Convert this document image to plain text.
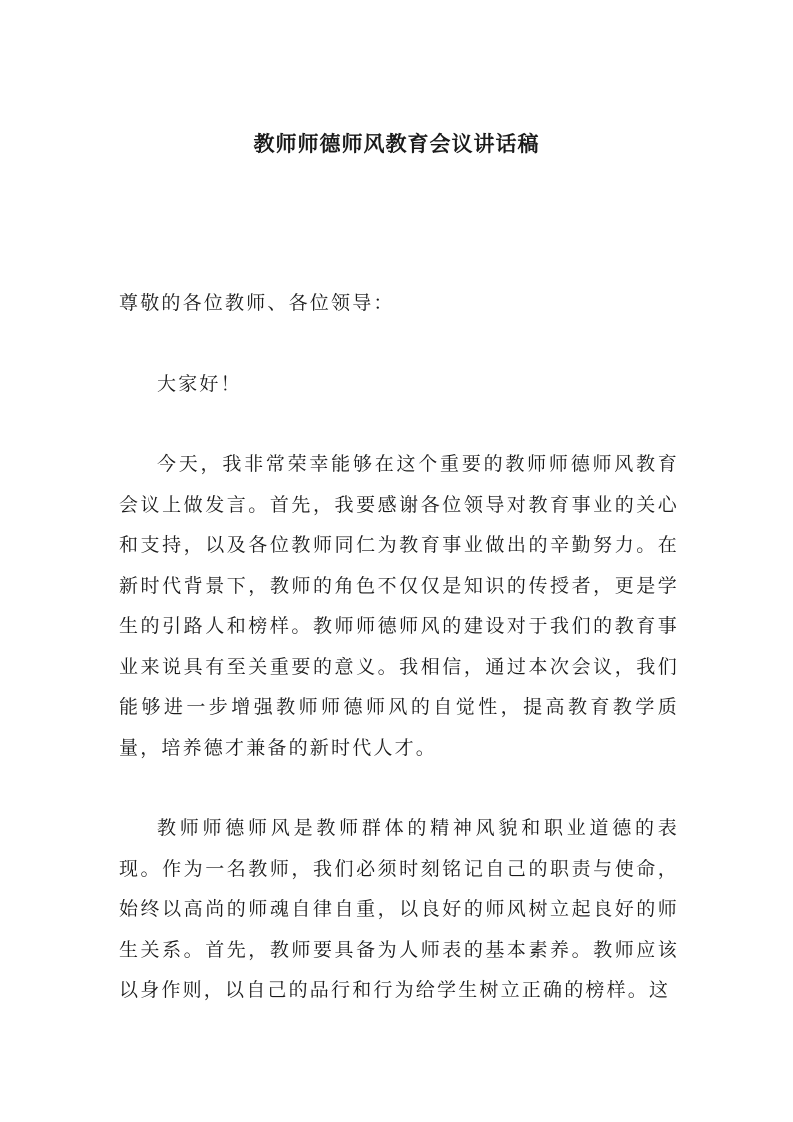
教师师德师风教育会议讲话稿

尊敬的各位教师、各位领导：

大家好！

今天，我非常荣幸能够在这个重要的教师师德师风教育会议上做发言。首先，我要感谢各位领导对教育事业的关心和支持，以及各位教师同仁为教育事业做出的辛勤努力。在新时代背景下，教师的角色不仅仅是知识的传授者，更是学生的引路人和榜样。教师师德师风的建设对于我们的教育事业来说具有至关重要的意义。我相信，通过本次会议，我们能够进一步增强教师师德师风的自觉性，提高教育教学质量，培养德才兼备的新时代人才。

教师师德师风是教师群体的精神风貌和职业道德的表现。作为一名教师，我们必须时刻铭记自己的职责与使命，始终以高尚的师魂自律自重，以良好的师风树立起良好的师生关系。首先，教师要具备为人师表的基本素养。教师应该以身作则，以自己的品行和行为给学生树立正确的榜样。这
